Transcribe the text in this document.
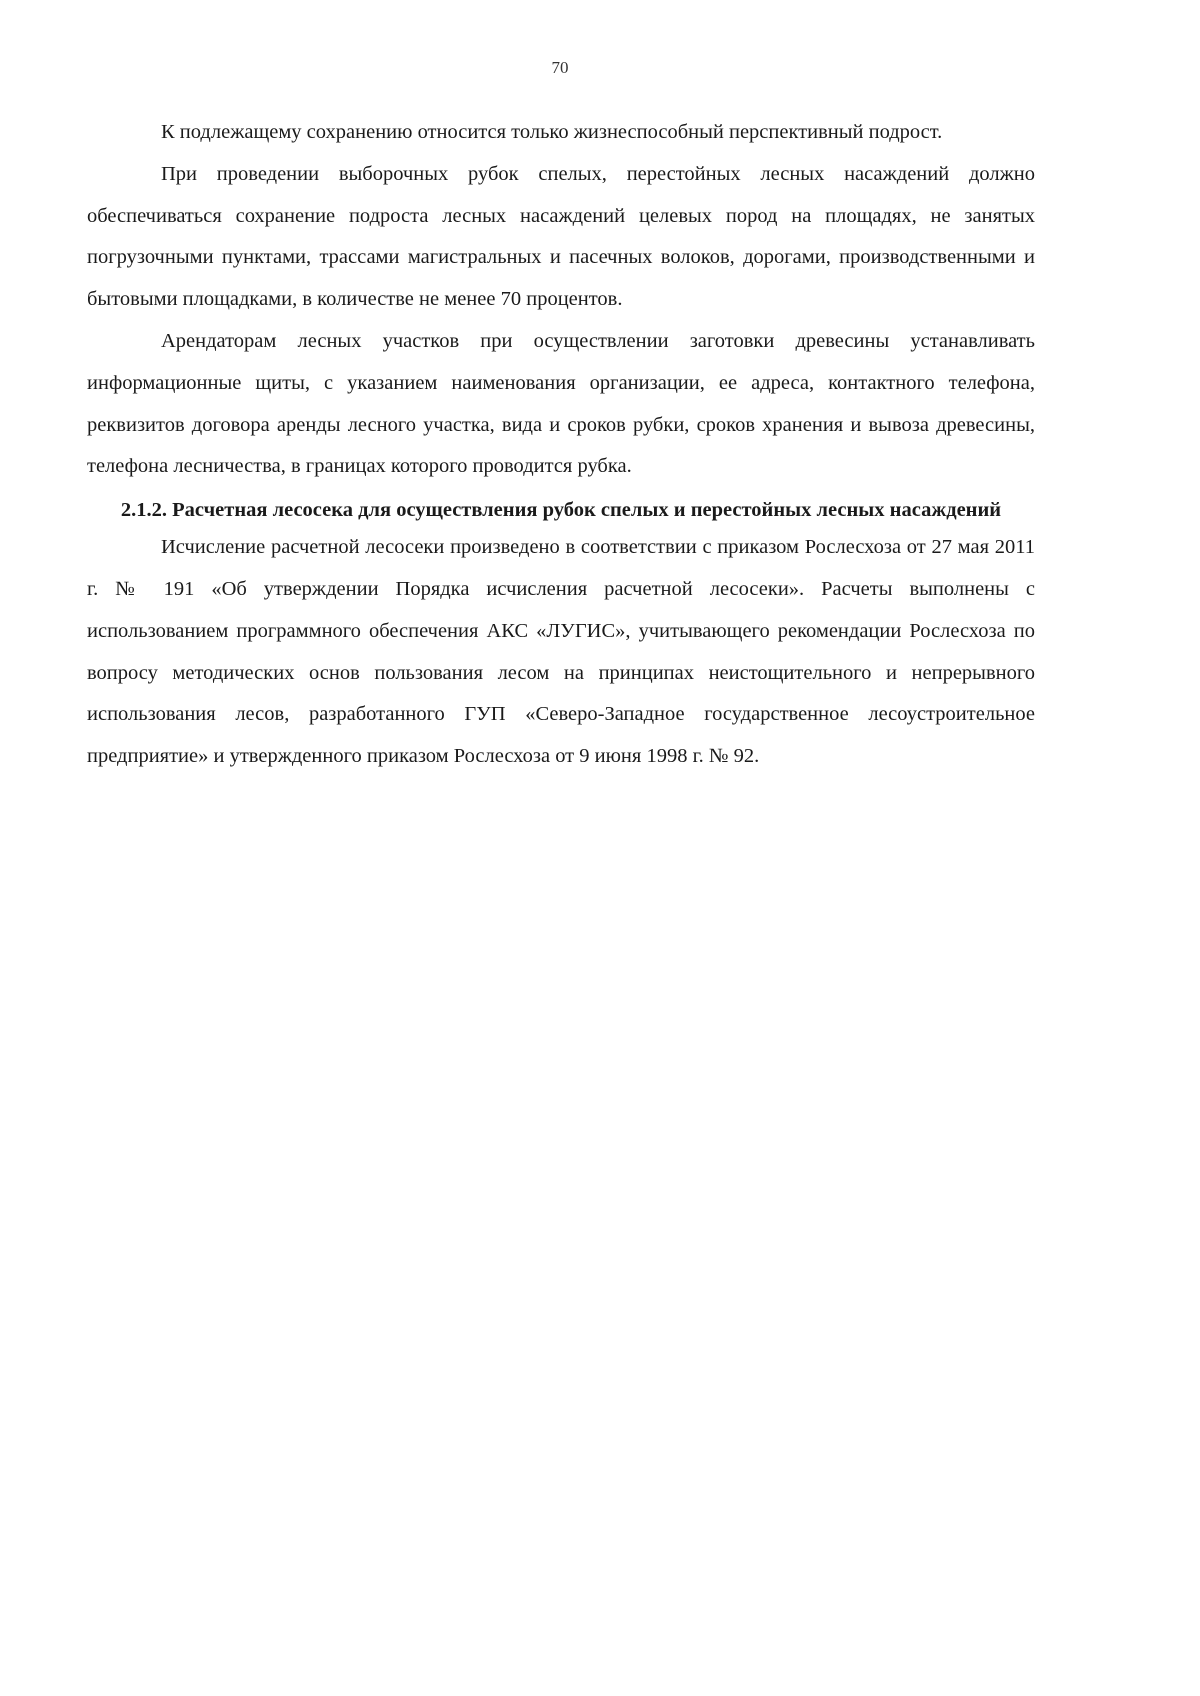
70

К подлежащему сохранению относится только жизнеспособный перспективный подрост.

При проведении выборочных рубок спелых, перестойных лесных насаждений должно обеспечиваться сохранение подроста лесных насаждений целевых пород на площадях, не занятых погрузочными пунктами, трассами магистральных и пасечных волоков, дорогами, производственными и бытовыми площадками, в количестве не менее 70 процентов.

Арендаторам лесных участков при осуществлении заготовки древесины устанавливать информационные щиты, с указанием наименования организации, ее адреса, контактного телефона, реквизитов договора аренды лесного участка, вида и сроков рубки, сроков хранения и вывоза древесины, телефона лесничества, в границах которого проводится рубка.

2.1.2. Расчетная лесосека для осуществления рубок спелых и перестойных лесных насаждений

Исчисление расчетной лесосеки произведено в соответствии с приказом Рослесхоза от 27 мая 2011 г. № 191 «Об утверждении Порядка исчисления расчетной лесосеки». Расчеты выполнены с использованием программного обеспечения АКС «ЛУГИС», учитывающего рекомендации Рослесхоза по вопросу методических основ пользования лесом на принципах неистощительного и непрерывного использования лесов, разработанного ГУП «Северо-Западное государственное лесоустроительное предприятие» и утвержденного приказом Рослесхоза от 9 июня 1998 г. № 92.
